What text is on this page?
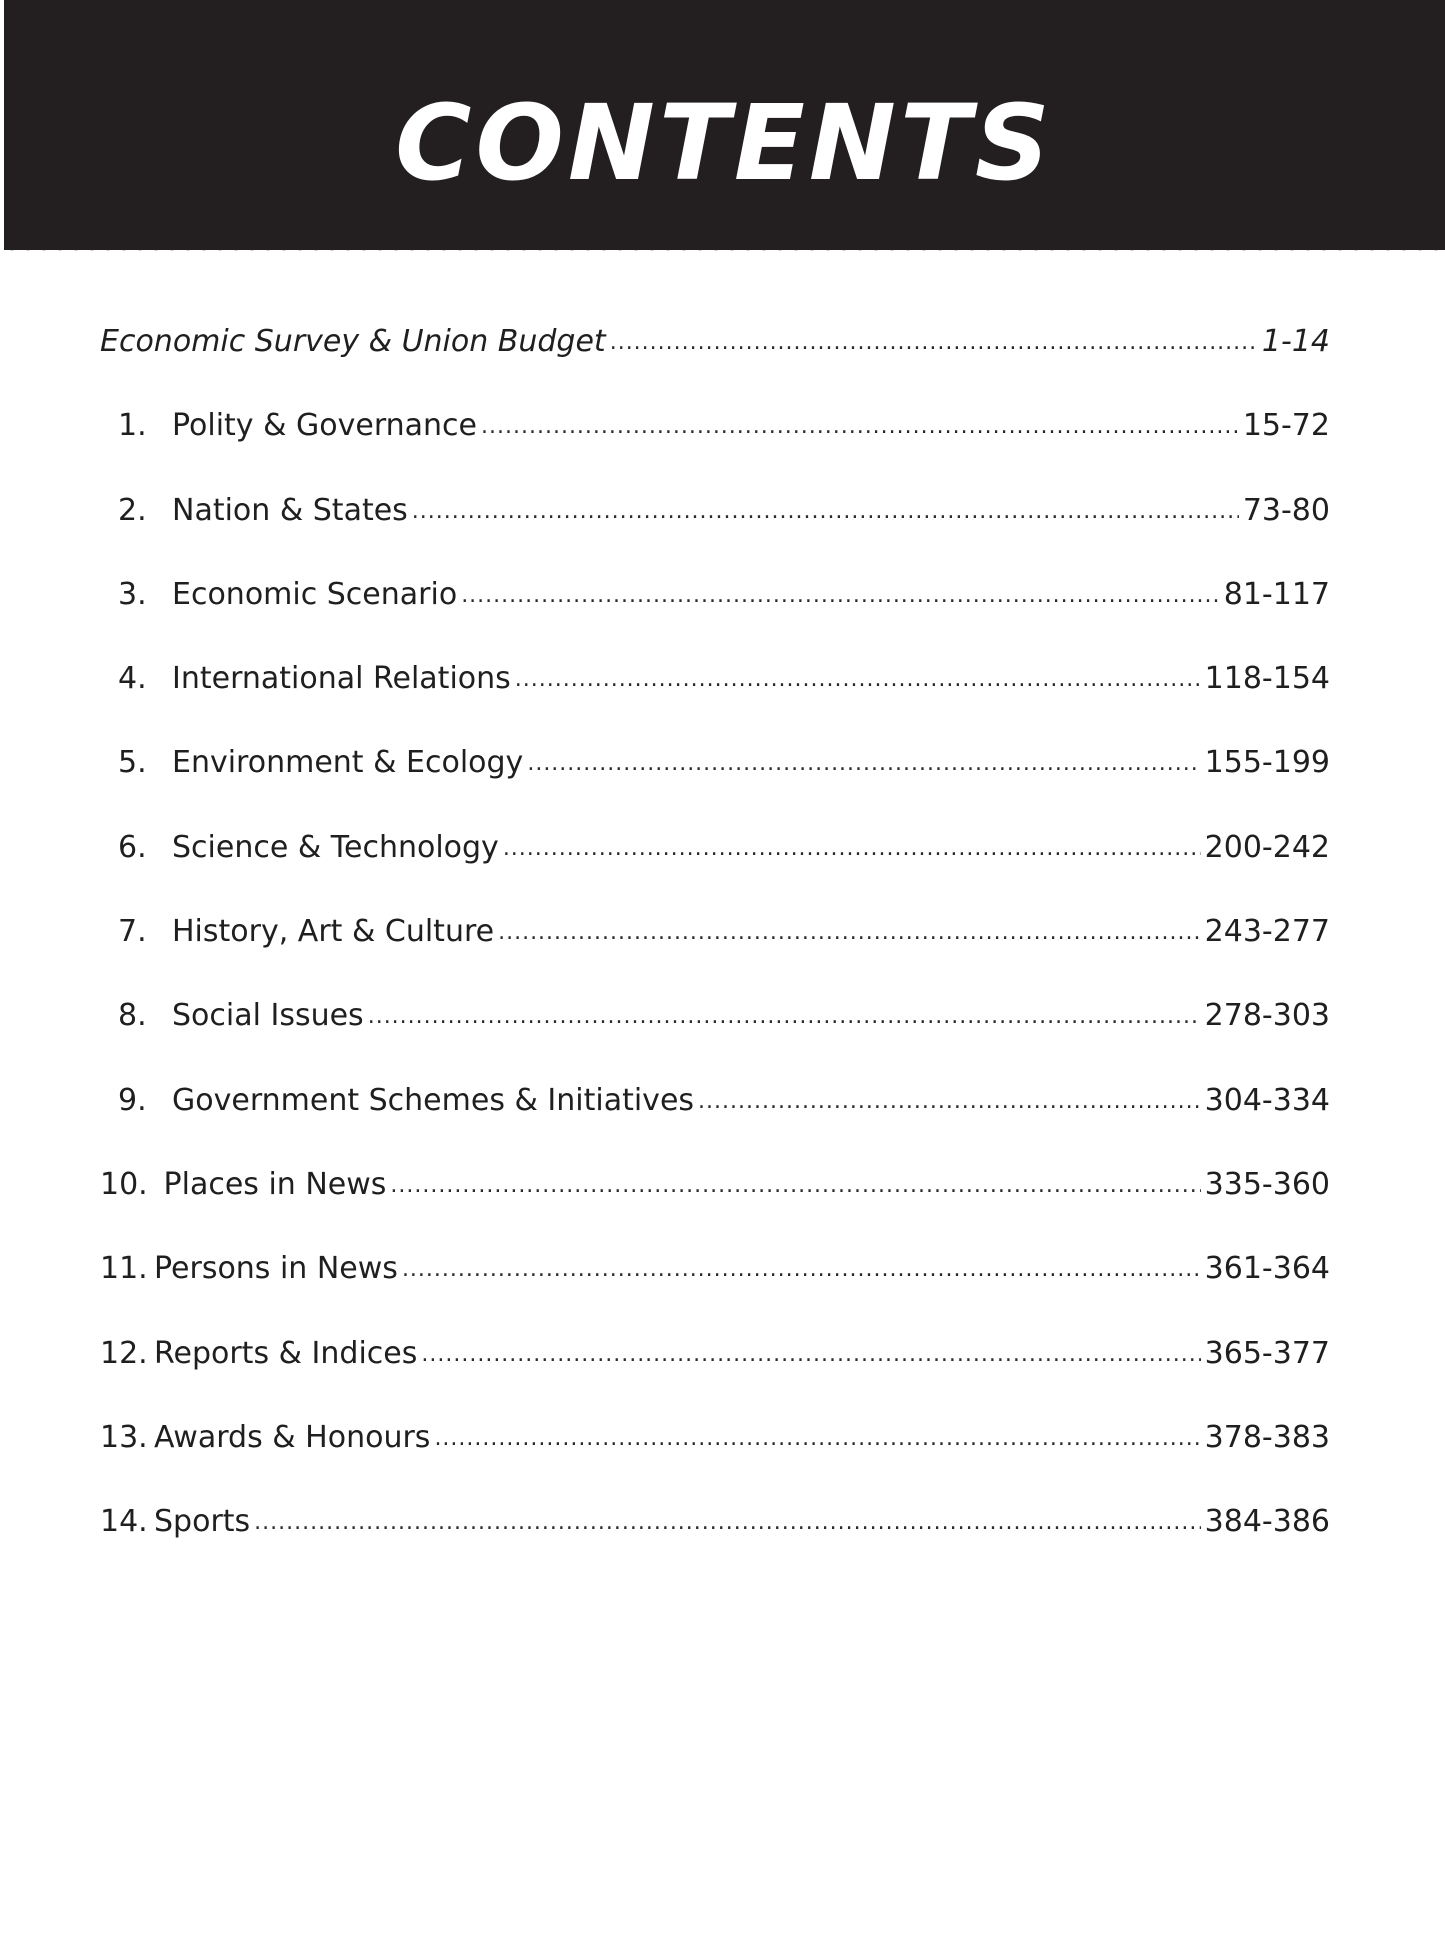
CONTENTS
Economic Survey & Union Budget .....	1-14
1. Polity & Governance .....	15-72
2. Nation & States .....	73-80
3. Economic Scenario .....	81-117
4. International Relations .....	118-154
5. Environment & Ecology .....	155-199
6. Science & Technology .....	200-242
7. History, Art & Culture .....	243-277
8. Social Issues .....	278-303
9. Government Schemes & Initiatives .....	304-334
10. Places in News .....	335-360
11. Persons in News .....	361-364
12. Reports & Indices .....	365-377
13. Awards & Honours .....	378-383
14. Sports .....	384-386
